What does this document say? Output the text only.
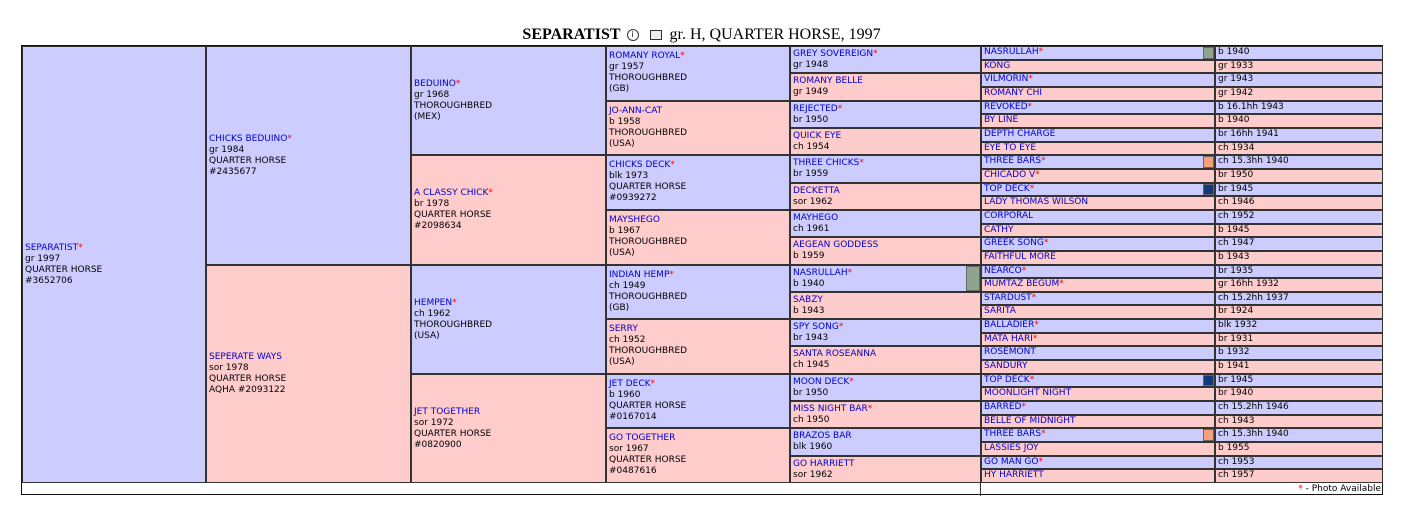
SEPARATIST i gr. H, QUARTER HORSE, 1997
* - Photo Available
SEPARATIST*
gr 1997
QUARTER HORSE
#3652706
CHICKS BEDUINO*
gr 1984
QUARTER HORSE
#2435677
SEPERATE WAYS
sor 1978
QUARTER HORSE
AQHA #2093122
BEDUINO*
gr 1968
THOROUGHBRED
(MEX)
A CLASSY CHICK*
br 1978
QUARTER HORSE
#2098634
HEMPEN*
ch 1962
THOROUGHBRED
(USA)
JET TOGETHER
sor 1972
QUARTER HORSE
#0820900
ROMANY ROYAL*
gr 1957
THOROUGHBRED
(GB)
JO-ANN-CAT
b 1958
THOROUGHBRED
(USA)
CHICKS DECK*
blk 1973
QUARTER HORSE
#0939272
MAYSHEGO
b 1967
THOROUGHBRED
(USA)
INDIAN HEMP*
ch 1949
THOROUGHBRED
(GB)
SERRY
ch 1952
THOROUGHBRED
(USA)
JET DECK*
b 1960
QUARTER HORSE
#0167014
GO TOGETHER
sor 1967
QUARTER HORSE
#0487616
GREY SOVEREIGN*
gr 1948
ROMANY BELLE
gr 1949
REJECTED*
br 1950
QUICK EYE
ch 1954
THREE CHICKS*
br 1959
DECKETTA
sor 1962
MAYHEGO
ch 1961
AEGEAN GODDESS
b 1959
NASRULLAH*
b 1940
SABZY
b 1943
SPY SONG*
br 1943
SANTA ROSEANNA
ch 1945
MOON DECK*
br 1950
MISS NIGHT BAR*
ch 1950
BRAZOS BAR
blk 1960
GO HARRIETT
sor 1962
NASRULLAH*	b 1940
KONG	gr 1933
VILMORIN*	gr 1943
ROMANY CHI	gr 1942
REVOKED*	b 16.1hh 1943
BY LINE	b 1940
DEPTH CHARGE	br 16hh 1941
EYE TO EYE	ch 1934
THREE BARS*	ch 15.3hh 1940
CHICADO V*	br 1950
TOP DECK*	br 1945
LADY THOMAS WILSON	ch 1946
CORPORAL	ch 1952
CATHY	b 1945
GREEK SONG*	ch 1947
FAITHFUL MORE	b 1943
NEARCO*	br 1935
MUMTAZ BEGUM*	gr 16hh 1932
STARDUST*	ch 15.2hh 1937
SARITA	br 1924
BALLADIER*	blk 1932
MATA HARI*	br 1931
ROSEMONT	b 1932
SANDURY	b 1941
TOP DECK*	br 1945
MOONLIGHT NIGHT	br 1940
BARRED*	ch 15.2hh 1946
BELLE OF MIDNIGHT	ch 1943
THREE BARS*	ch 15.3hh 1940
LASSIES JOY	b 1955
GO MAN GO*	ch 1953
HY HARRIETT	ch 1957
